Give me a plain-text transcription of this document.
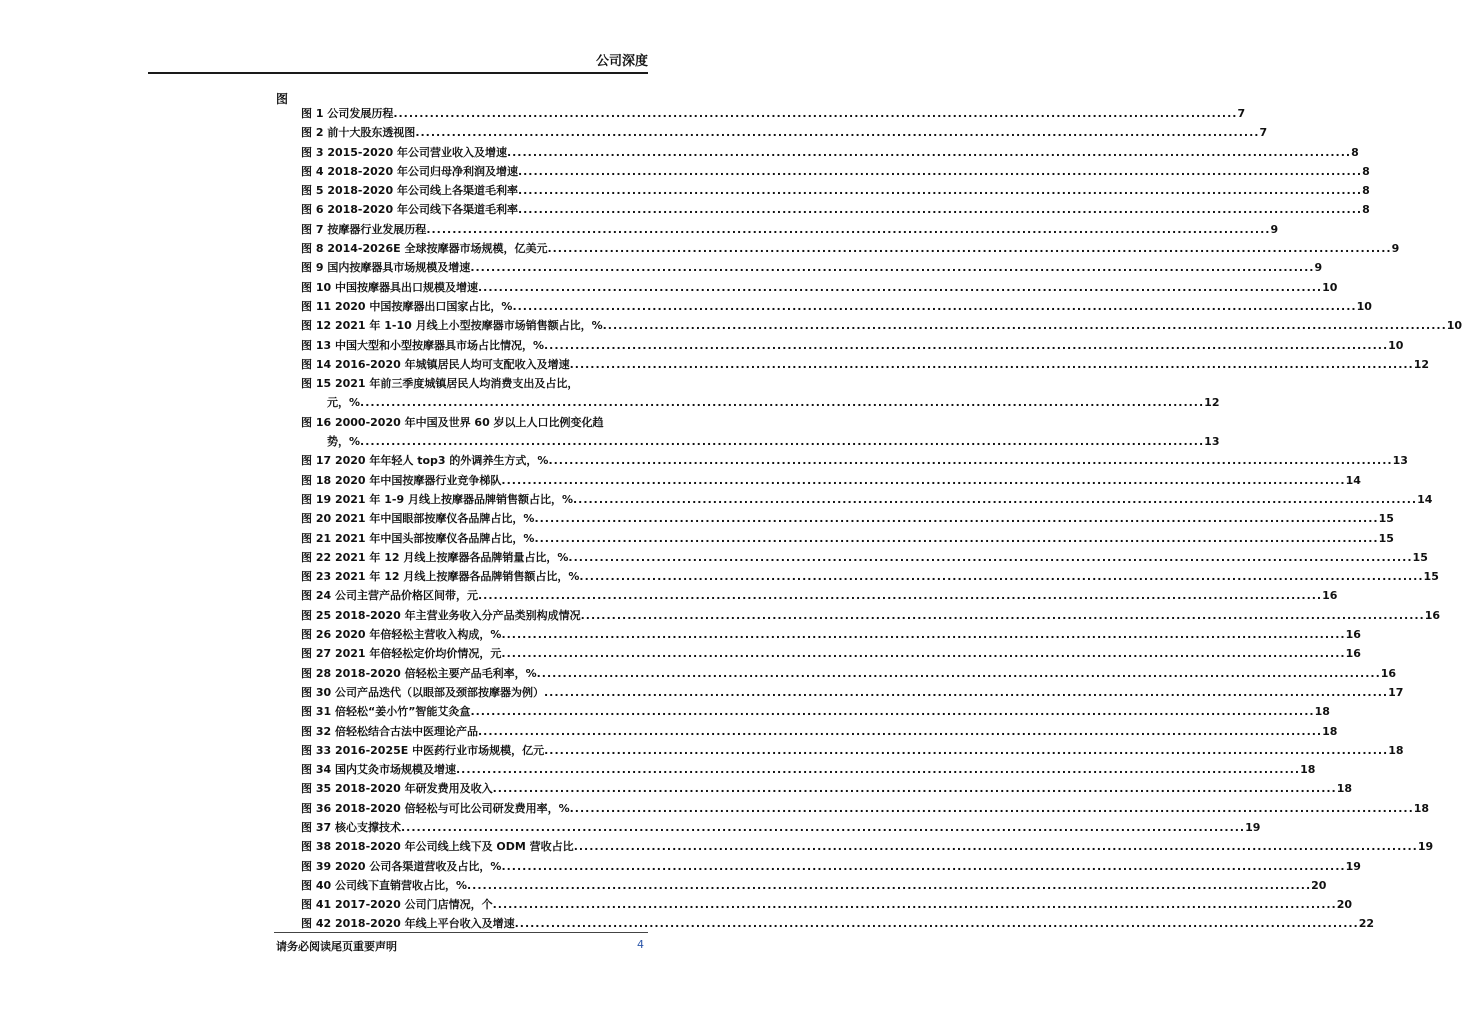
公司深度
图
图 1 公司发展历程 .....	7
图 2 前十大股东透视图 .....	7
图 3 2015-2020 年公司营业收入及增速 .....	8
图 4 2018-2020 年公司归母净利润及增速 .....	8
图 5 2018-2020 年公司线上各渠道毛利率 .....	8
图 6 2018-2020 年公司线下各渠道毛利率 .....	8
图 7 按摩器行业发展历程 .....	9
图 8 2014-2026E 全球按摩器市场规模，亿美元 .....	9
图 9 国内按摩器具市场规模及增速 .....	9
图 10 中国按摩器具出口规模及增速 .....	10
图 11 2020 中国按摩器出口国家占比，% .....	10
图 12 2021 年 1-10 月线上小型按摩器市场销售额占比，% .....	10
图 13 中国大型和小型按摩器具市场占比情况，% .....	10
图 14 2016-2020 年城镇居民人均可支配收入及增速 .....	12
图 15 2021 年前三季度城镇居民人均消费支出及占比，
元，% .....	12
图 16 2000-2020 年中国及世界 60 岁以上人口比例变化趋
势，% .....	13
图 17 2020 年年轻人 top3 的外调养生方式，% .....	13
图 18 2020 年中国按摩器行业竞争梯队 .....	14
图 19 2021 年 1-9 月线上按摩器品牌销售额占比，% .....	14
图 20 2021 年中国眼部按摩仪各品牌占比，% .....	15
图 21 2021 年中国头部按摩仪各品牌占比，% .....	15
图 22 2021 年 12 月线上按摩器各品牌销量占比，% .....	15
图 23 2021 年 12 月线上按摩器各品牌销售额占比，% .....	15
图 24 公司主营产品价格区间带，元 .....	16
图 25 2018-2020 年主营业务收入分产品类别构成情况 .....	16
图 26 2020 年倍轻松主营收入构成，% .....	16
图 27 2021 年倍轻松定价均价情况，元 .....	16
图 28 2018-2020 倍轻松主要产品毛利率，% .....	16
图 30 公司产品迭代（以眼部及颈部按摩器为例） .....	17
图 31 倍轻松“姜小竹”智能艾灸盒 .....	18
图 32 倍轻松结合古法中医理论产品 .....	18
图 33 2016-2025E 中医药行业市场规模，亿元 .....	18
图 34 国内艾灸市场规模及增速 .....	18
图 35 2018-2020 年研发费用及收入 .....	18
图 36 2018-2020 倍轻松与可比公司研发费用率，% .....	18
图 37 核心支撑技术 .....	19
图 38 2018-2020 年公司线上线下及 ODM 营收占比 .....	19
图 39 2020 公司各渠道营收及占比，% .....	19
图 40 公司线下直销营收占比，% .....	20
图 41 2017-2020 公司门店情况，个 .....	20
图 42 2018-2020 年线上平台收入及增速 .....	22
请务必阅读尾页重要声明	4
